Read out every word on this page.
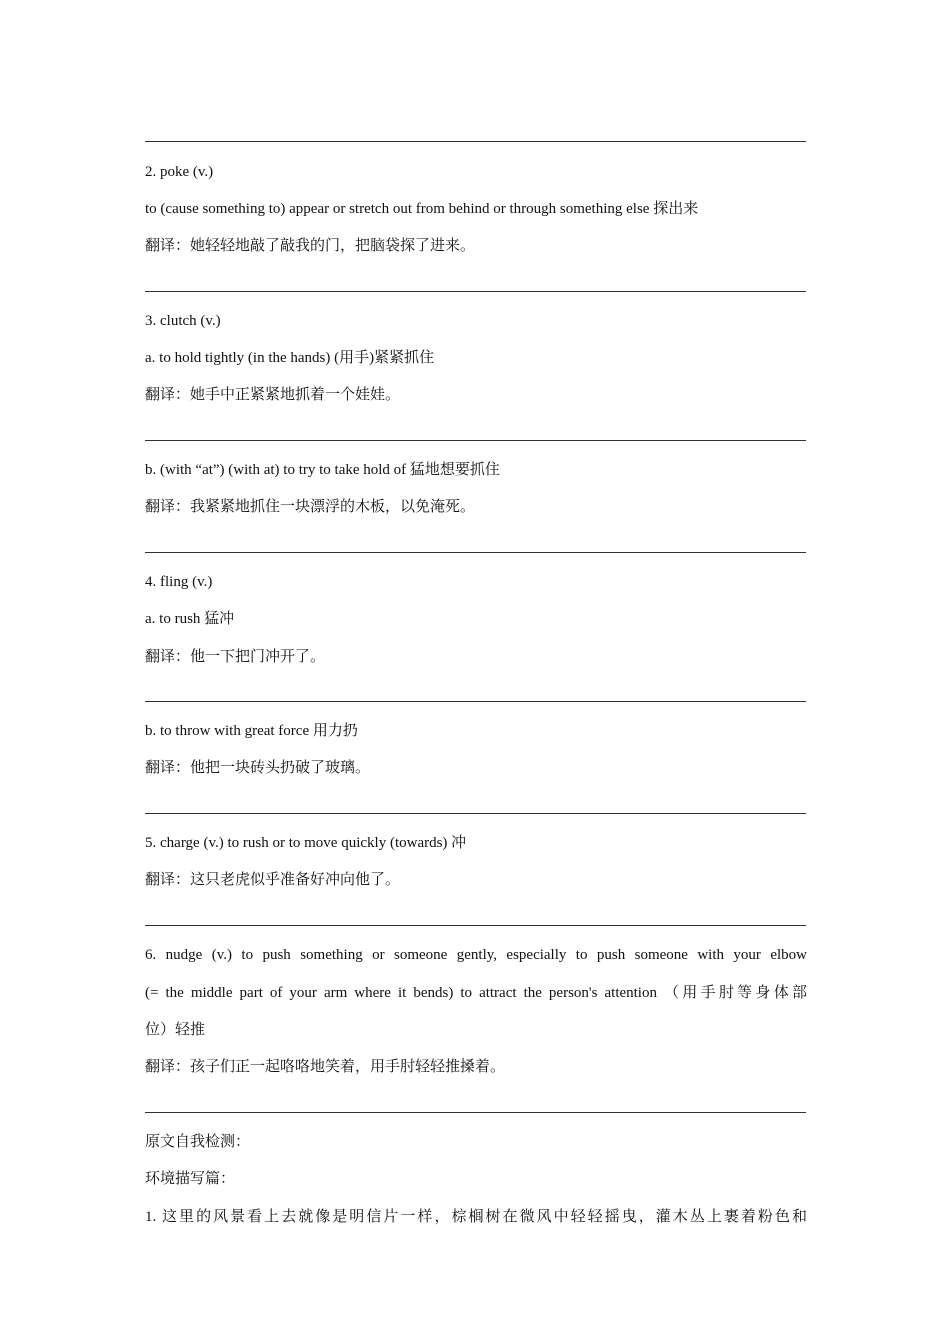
2. poke (v.)
to (cause something to) appear or stretch out from behind or through something else 探出来
翻译：她轻轻地敲了敲我的门，把脑袋探了进来。
3. clutch (v.)
a. to hold tightly (in the hands) (用手)紧紧抓住
翻译：她手中正紧紧地抓着一个娃娃。
b. (with “at”) (with at) to try to take hold of 猛地想要抓住
翻译：我紧紧地抓住一块漂浮的木板，以免淹死。
4. fling (v.)
a. to rush 猛冲
翻译：他一下把门冲开了。
b. to throw with great force 用力扔
翻译：他把一块砖头扔破了玻璃。
5. charge (v.) to rush or to move quickly (towards) 冲
翻译：这只老虎似乎准备好冲向他了。
6. nudge (v.) to push something or someone gently, especially to push someone with your elbow
(= the middle part of your arm where it bends) to attract the person's attention （用手肘等身体部
位）轻推
翻译：孩子们正一起咯咯地笑着，用手肘轻轻推搡着。
原文自我检测：
环境描写篇：
1. 这里的风景看上去就像是明信片一样，棕榈树在微风中轻轻摇曳，灌木丛上裹着粉色和
